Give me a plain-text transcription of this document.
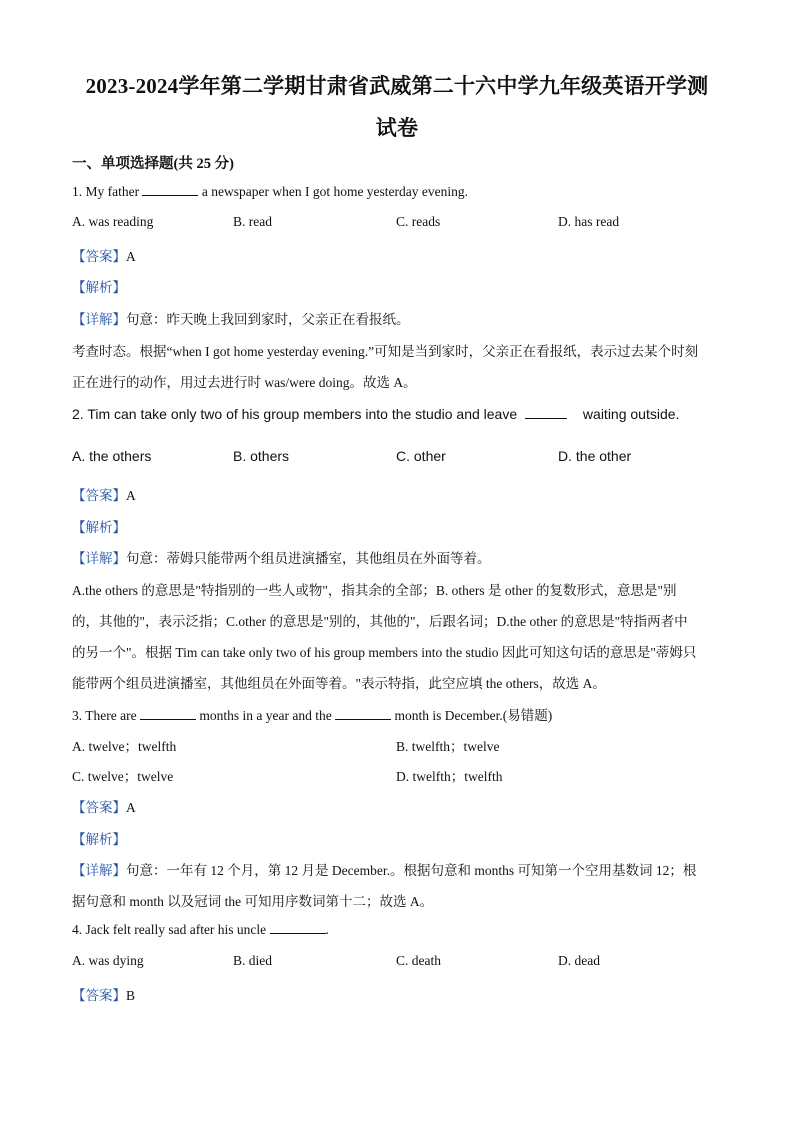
2023-2024学年第二学期甘肃省武威第二十六中学九年级英语开学测
试卷
一、单项选择题(共 25 分)
1. My father	a newspaper when I got home yesterday evening.
A. was reading	B. read	C. reads	D. has read
【答案】A
【解析】
【详解】句意：昨天晚上我回到家时，父亲正在看报纸。
考查时态。根据“when I got home yesterday evening.”可知是当到家时，父亲正在看报纸，表示过去某个时刻
正在进行的动作，用过去进行时 was/were doing。故选 A。
2. Tim can take only two of his group members into the studio and leave	waiting outside.
A. the others	B. others	C. other	D. the other
【答案】A
【解析】
【详解】句意：蒂姆只能带两个组员进演播室，其他组员在外面等着。
A.the others 的意思是"特指别的一些人或物"，指其余的全部；B. others 是 other 的复数形式，意思是"别
的，其他的"，表示泛指；C.other 的意思是"别的，其他的"，后跟名词；D.the other 的意思是"特指两者中
的另一个"。根据 Tim can take only two of his group members into the studio 因此可知这句话的意思是"蒂姆只
能带两个组员进演播室，其他组员在外面等着。"表示特指，此空应填 the others，故选 A。
3. There are	months in a year and the	month is December.(易错题)
A. twelve；twelfth	B. twelfth；twelve
C. twelve；twelve	D. twelfth；twelfth
【答案】A
【解析】
【详解】句意：一年有 12 个月，第 12 月是 December.。根据句意和 months 可知第一个空用基数词 12；根
据句意和 month 以及冠词 the 可知用序数词第十二；故选 A。
4. Jack felt really sad after his uncle	.
A. was dying	B. died	C. death	D. dead
【答案】B
